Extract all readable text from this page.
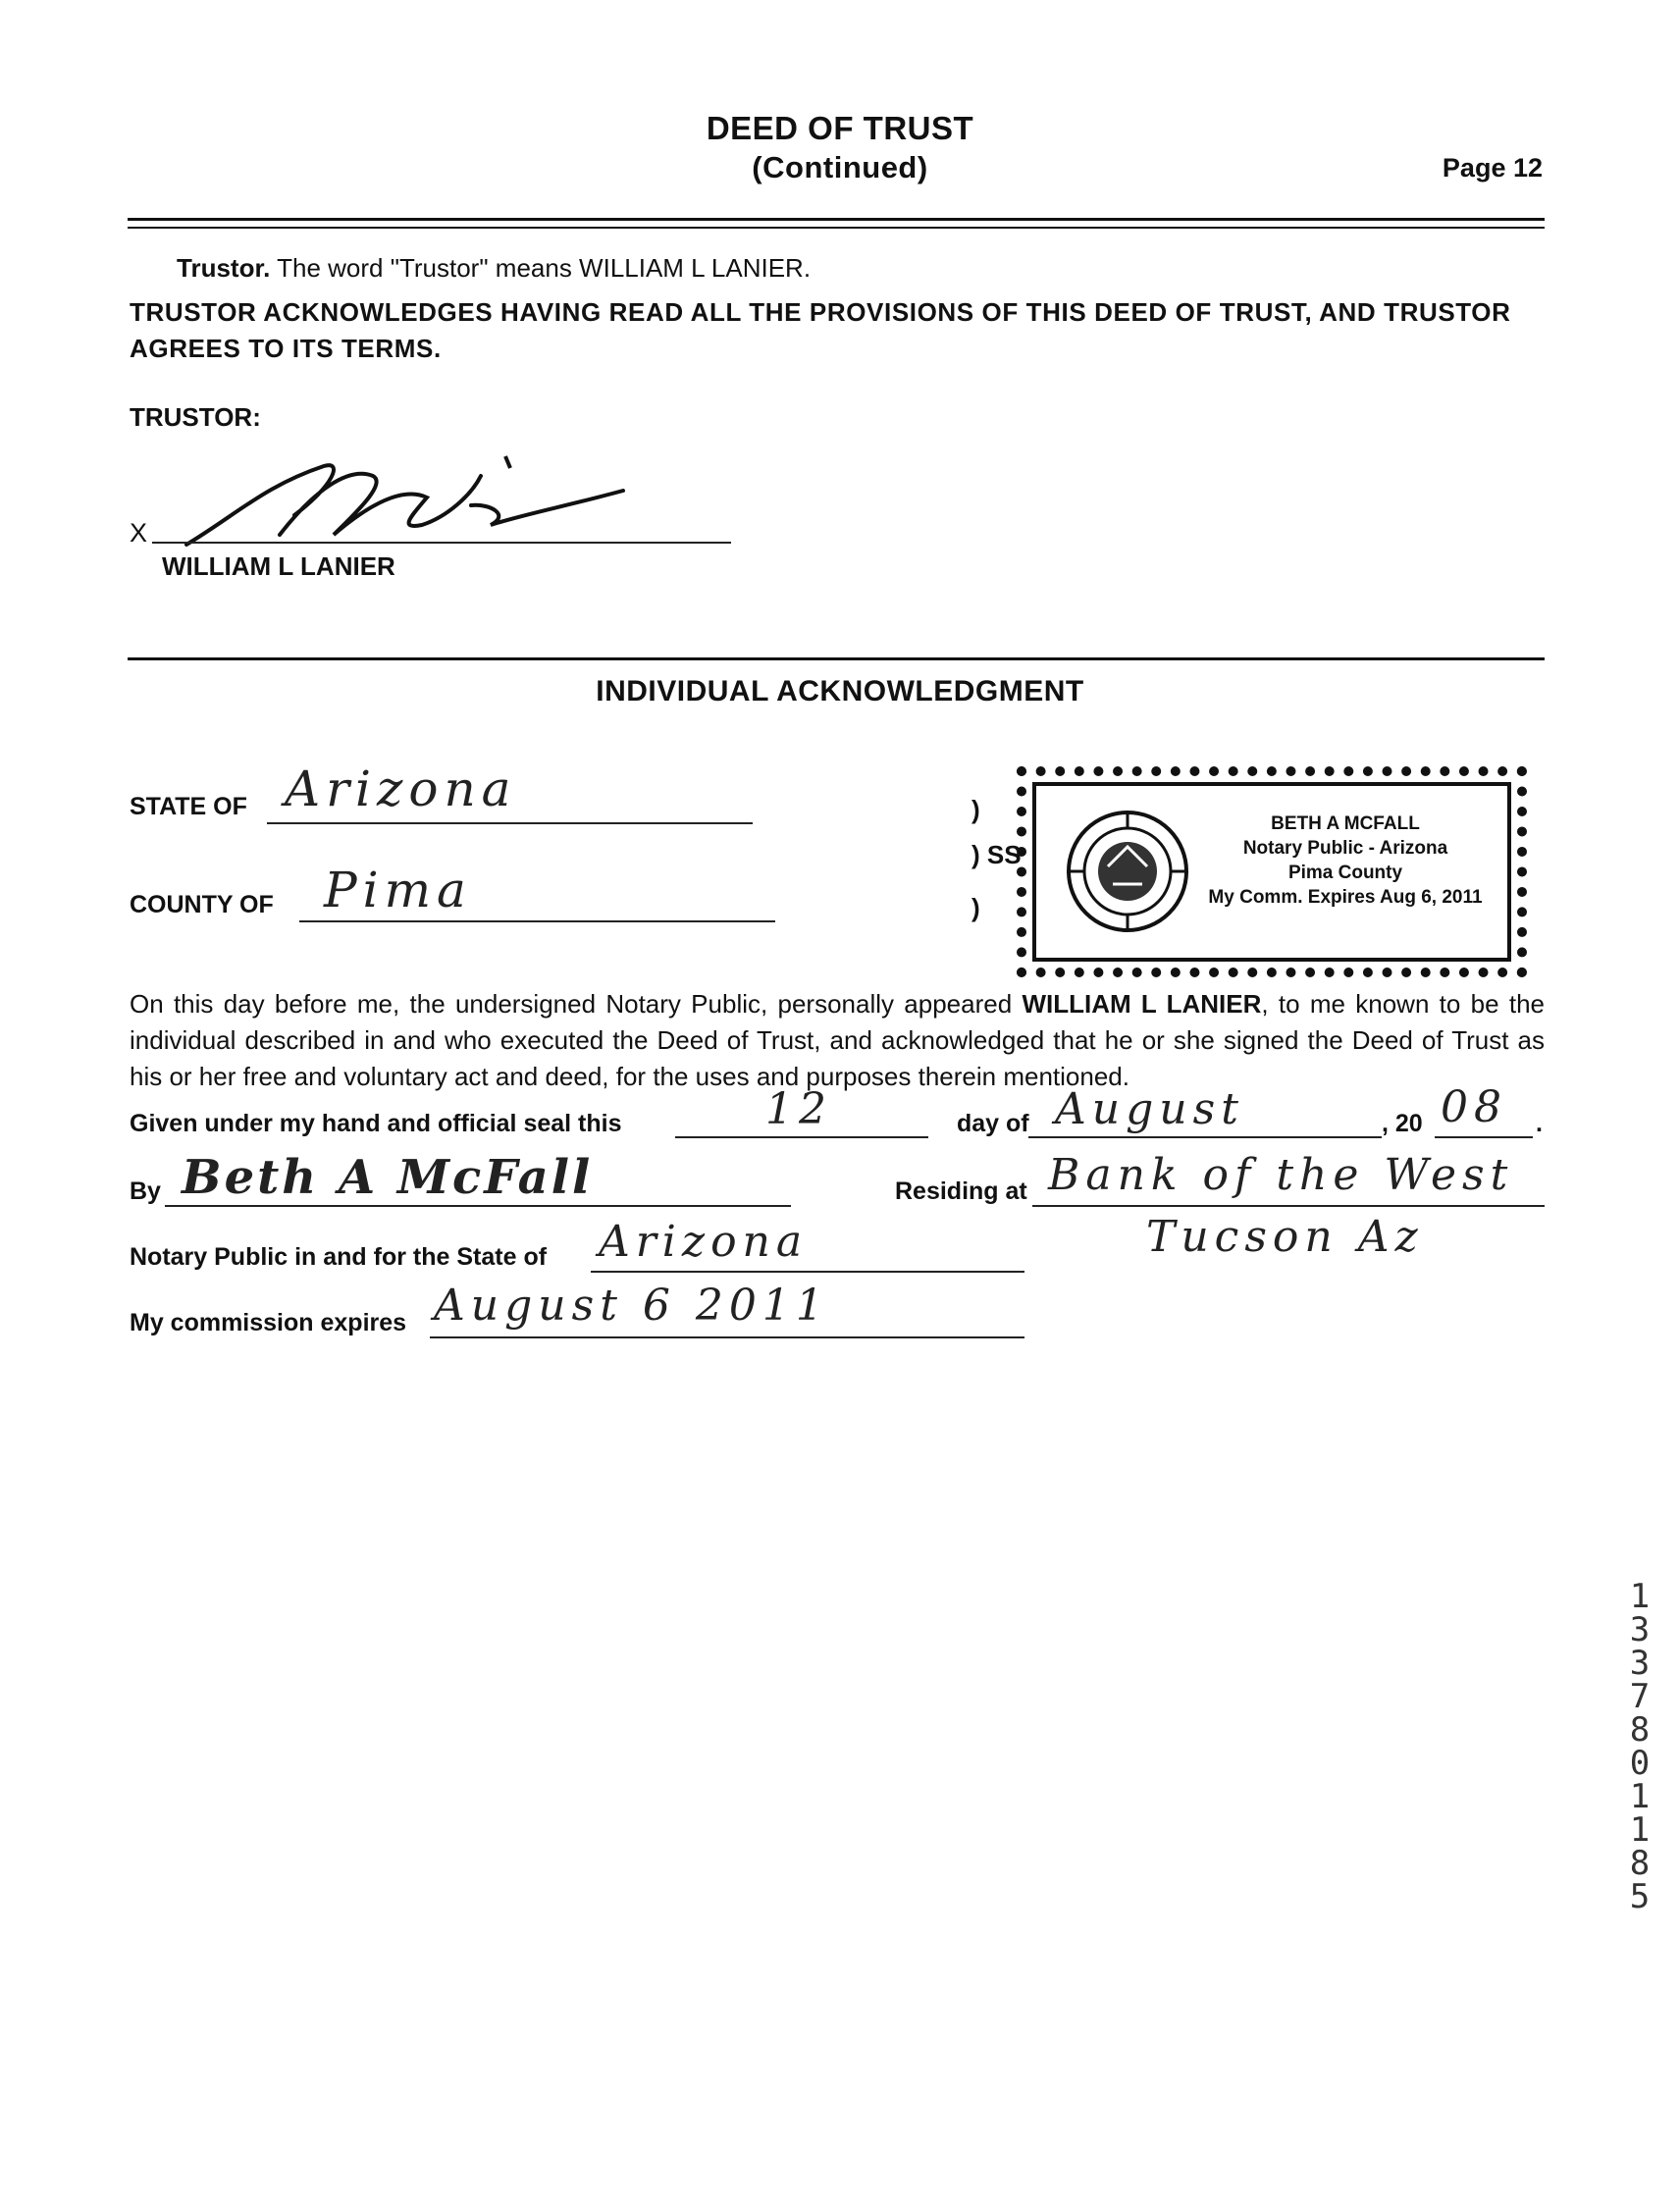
DEED OF TRUST
(Continued)	Page 12
Trustor. The word "Trustor" means WILLIAM L LANIER.
TRUSTOR ACKNOWLEDGES HAVING READ ALL THE PROVISIONS OF THIS DEED OF TRUST, AND TRUSTOR AGREES TO ITS TERMS.
TRUSTOR:
X
WILLIAM L LANIER
INDIVIDUAL ACKNOWLEDGMENT
STATE OF Arizona
COUNTY OF Pima
)
) SS
)
BETH A MCFALL
Notary Public - Arizona
Pima County
My Comm. Expires Aug 6, 2011
On this day before me, the undersigned Notary Public, personally appeared WILLIAM L LANIER, to me known to be the individual described in and who executed the Deed of Trust, and acknowledged that he or she signed the Deed of Trust as his or her free and voluntary act and deed, for the uses and purposes therein mentioned.
Given under my hand and official seal this	12	day of August	, 20 08 .
By Beth A McFall	Residing at Bank of the West
Tucson Az
Notary Public in and for the State of Arizona
My commission expires August 6 2011
1337801185
